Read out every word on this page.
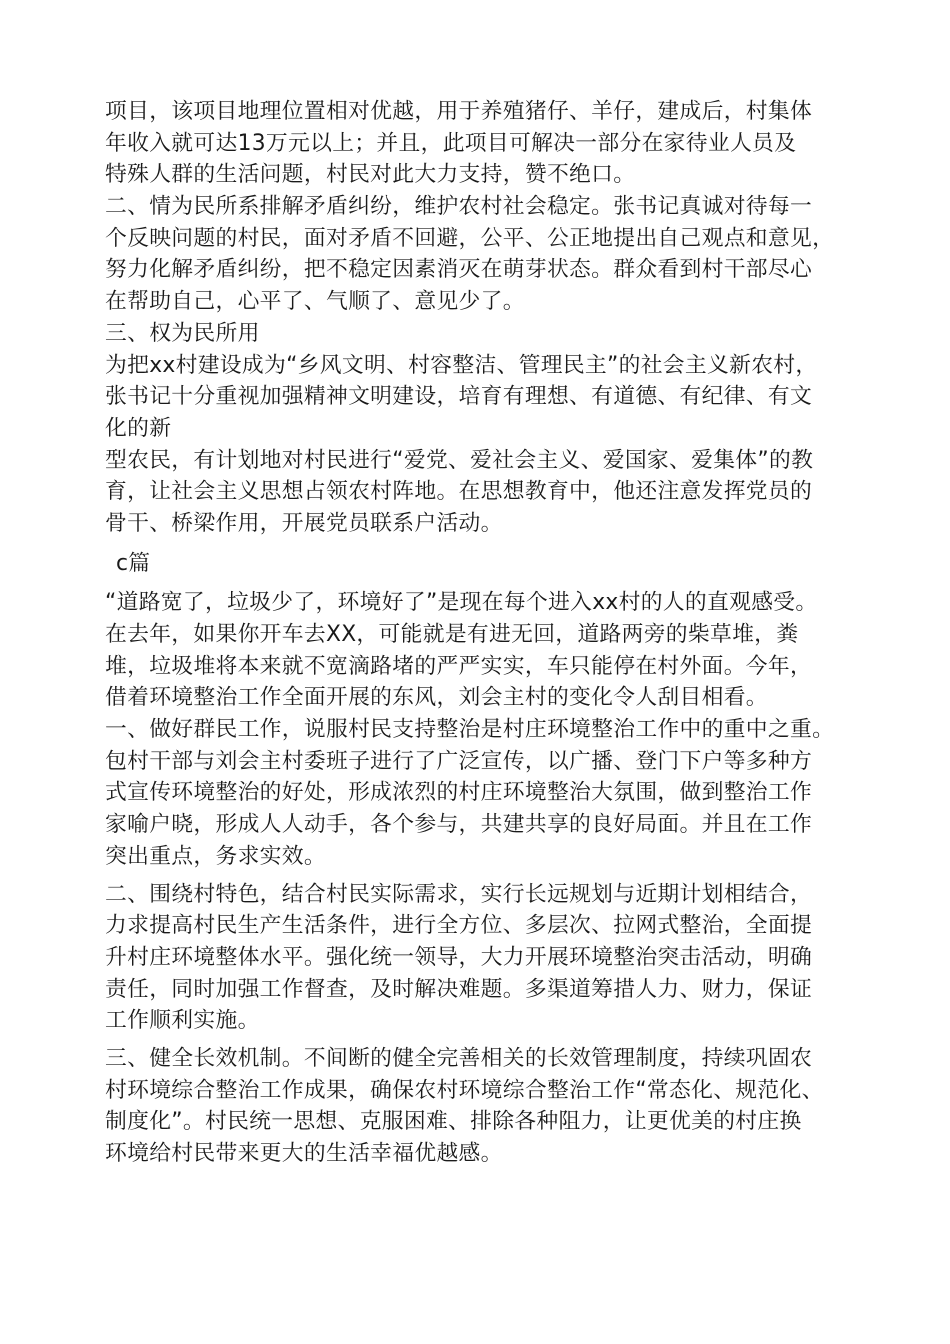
项目，该项目地理位置相对优越，用于养殖猪仔、羊仔，建成后，村集体
年收入就可达13万元以上；并且，此项目可解决一部分在家待业人员及
特殊人群的生活问题，村民对此大力支持，赞不绝口。
二、情为民所系排解矛盾纠纷，维护农村社会稳定。张书记真诚对待每一
个反映问题的村民，面对矛盾不回避，公平、公正地提出自己观点和意见，
努力化解矛盾纠纷，把不稳定因素消灭在萌芽状态。群众看到村干部尽心
在帮助自己，心平了、气顺了、意见少了。
三、权为民所用
为把xx村建设成为“乡风文明、村容整洁、管理民主”的社会主义新农村，
张书记十分重视加强精神文明建设，培育有理想、有道德、有纪律、有文
化的新
型农民，有计划地对村民进行“爱党、爱社会主义、爱国家、爱集体”的教
育，让社会主义思想占领农村阵地。在思想教育中，他还注意发挥党员的
骨干、桥梁作用，开展党员联系户活动。
c篇
“道路宽了，垃圾少了，环境好了”是现在每个进入xx村的人的直观感受。
在去年，如果你开车去XX，可能就是有进无回，道路两旁的柴草堆，粪
堆，垃圾堆将本来就不宽滴路堵的严严实实，车只能停在村外面。今年，
借着环境整治工作全面开展的东风，刘会主村的变化令人刮目相看。
一、做好群民工作，说服村民支持整治是村庄环境整治工作中的重中之重。
包村干部与刘会主村委班子进行了广泛宣传，以广播、登门下户等多种方
式宣传环境整治的好处，形成浓烈的村庄环境整治大氛围，做到整治工作
家喻户晓，形成人人动手，各个参与，共建共享的良好局面。并且在工作
突出重点，务求实效。
二、围绕村特色，结合村民实际需求，实行长远规划与近期计划相结合，
力求提高村民生产生活条件，进行全方位、多层次、拉网式整治，全面提
升村庄环境整体水平。强化统一领导，大力开展环境整治突击活动，明确
责任，同时加强工作督查，及时解决难题。多渠道筹措人力、财力，保证
工作顺利实施。
三、健全长效机制。不间断的健全完善相关的长效管理制度，持续巩固农
村环境综合整治工作成果，确保农村环境综合整治工作“常态化、规范化、
制度化”。村民统一思想、克服困难、排除各种阻力，让更优美的村庄换
环境给村民带来更大的生活幸福优越感。
